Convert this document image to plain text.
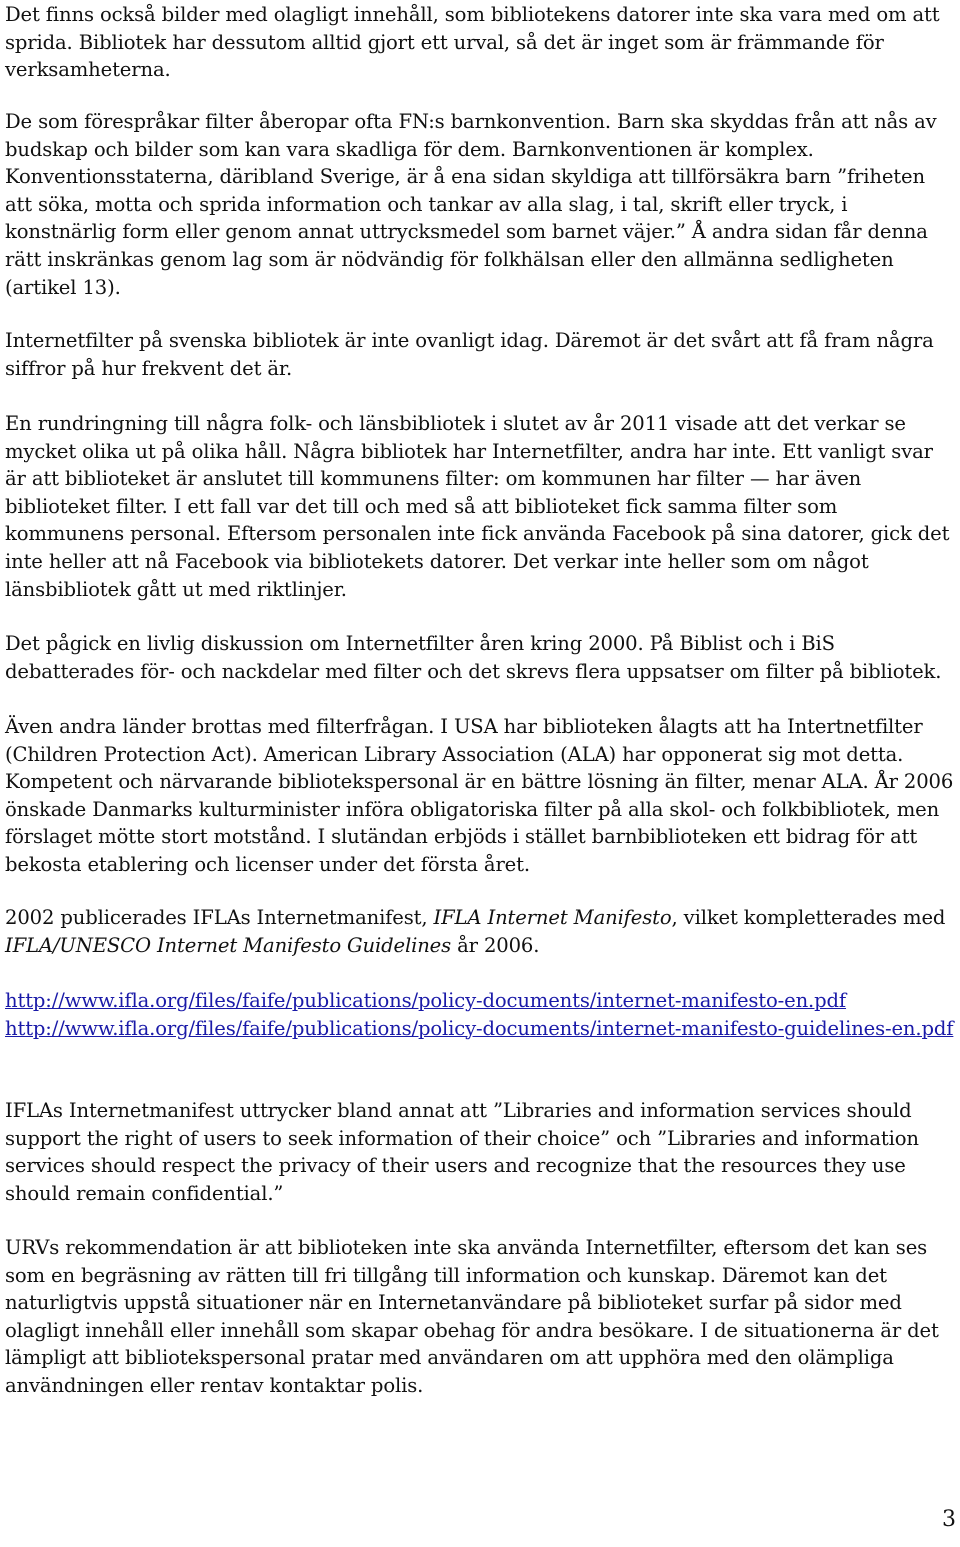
Det finns också bilder med olagligt innehåll, som bibliotekens datorer inte ska vara med om att sprida. Bibliotek har dessutom alltid gjort ett urval, så det är inget som är främmande för verksamheterna.

De som förespråkar filter åberopar ofta FN:s barnkonvention. Barn ska skyddas från att nås av budskap och bilder som kan vara skadliga för dem. Barnkonventionen är komplex. Konventionsstaterna, däribland Sverige, är å ena sidan skyldiga att tillförsäkra barn ”friheten att söka, motta och sprida information och tankar av alla slag, i tal, skrift eller tryck, i konstnärlig form eller genom annat uttrycksmedel som barnet väjer.” Å andra sidan får denna rätt inskränkas genom lag som är nödvändig för folkhälsan eller den allmänna sedligheten (artikel 13).

Internetfilter på svenska bibliotek är inte ovanligt idag. Däremot är det svårt att få fram några siffror på hur frekvent det är.

En rundringning till några folk- och länsbibliotek i slutet av år 2011 visade att det verkar se mycket olika ut på olika håll. Några bibliotek har Internetfilter, andra har inte. Ett vanligt svar är att biblioteket är anslutet till kommunens filter: om kommunen har filter — har även biblioteket filter. I ett fall var det till och med så att biblioteket fick samma filter som kommunens personal. Eftersom personalen inte fick använda Facebook på sina datorer, gick det inte heller att nå Facebook via bibliotekets datorer. Det verkar inte heller som om något länsbibliotek gått ut med riktlinjer.

Det pågick en livlig diskussion om Internetfilter åren kring 2000. På Biblist och i BiS debatterades för- och nackdelar med filter och det skrevs flera uppsatser om filter på bibliotek.

Även andra länder brottas med filterfrågan. I USA har biblioteken ålagts att ha Intertnetfilter (Children Protection Act). American Library Association (ALA) har opponerat sig mot detta. Kompetent och närvarande bibliotekspersonal är en bättre lösning än filter, menar ALA. År 2006 önskade Danmarks kulturminister införa obligatoriska filter på alla skol- och folkbibliotek, men förslaget mötte stort motstånd. I slutändan erbjöds i stället barnbiblioteken ett bidrag för att bekosta etablering och licenser under det första året.

2002 publicerades IFLAs Internetmanifest, IFLA Internet Manifesto, vilket kompletterades med IFLA/UNESCO Internet Manifesto Guidelines år 2006.

http://www.ifla.org/files/faife/publications/policy-documents/internet-manifesto-en.pdf
http://www.ifla.org/files/faife/publications/policy-documents/internet-manifesto-guidelines-en.pdf

IFLAs Internetmanifest uttrycker bland annat att ”Libraries and information services should support the right of users to seek information of their choice” och ”Libraries and information services should respect the privacy of their users and recognize that the resources they use should remain confidential.”

URVs rekommendation är att biblioteken inte ska använda Internetfilter, eftersom det kan ses som en begräsning av rätten till fri tillgång till information och kunskap. Däremot kan det naturligtvis uppstå situationer när en Internetanvändare på biblioteket surfar på sidor med olagligt innehåll eller innehåll som skapar obehag för andra besökare. I de situationerna är det lämpligt att bibliotekspersonal pratar med användaren om att upphöra med den olämpliga användningen eller rentav kontaktar polis.

3
